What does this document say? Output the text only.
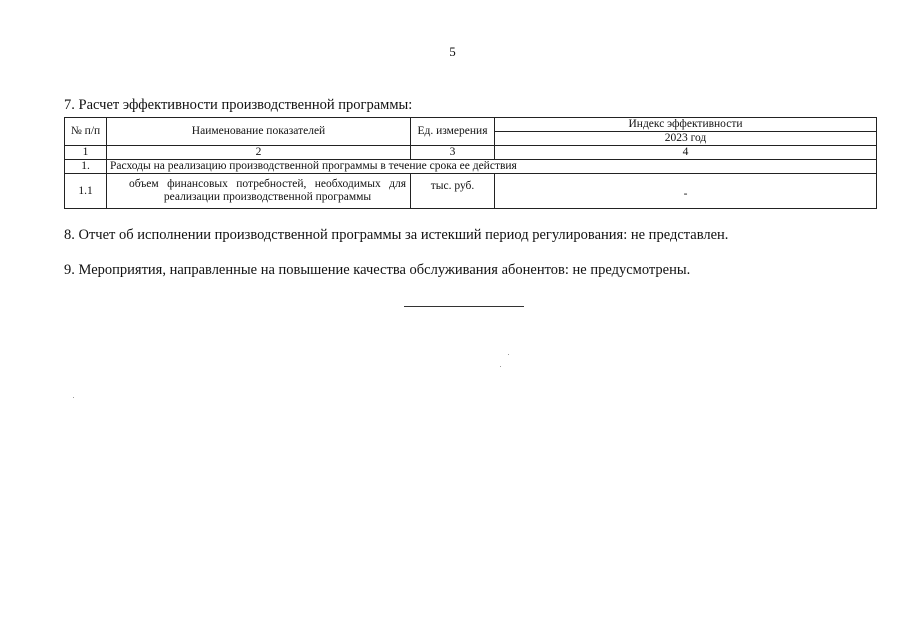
5
7. Расчет эффективности производственной программы:
№ п/п	Наименование показателей	Ед. измерения	Индекс эффективности
			2023 год
1	2	3	4
1.	Расходы на реализацию производственной программы в течение срока ее действия		
1.1	объем финансовых потребностей, необходимых для реализации производственной программы	тыс. руб.	-
8. Отчет об исполнении производственной программы за истекший период регулирования: не представлен.
9. Мероприятия, направленные на повышение качества обслуживания абонентов: не предусмотрены.
